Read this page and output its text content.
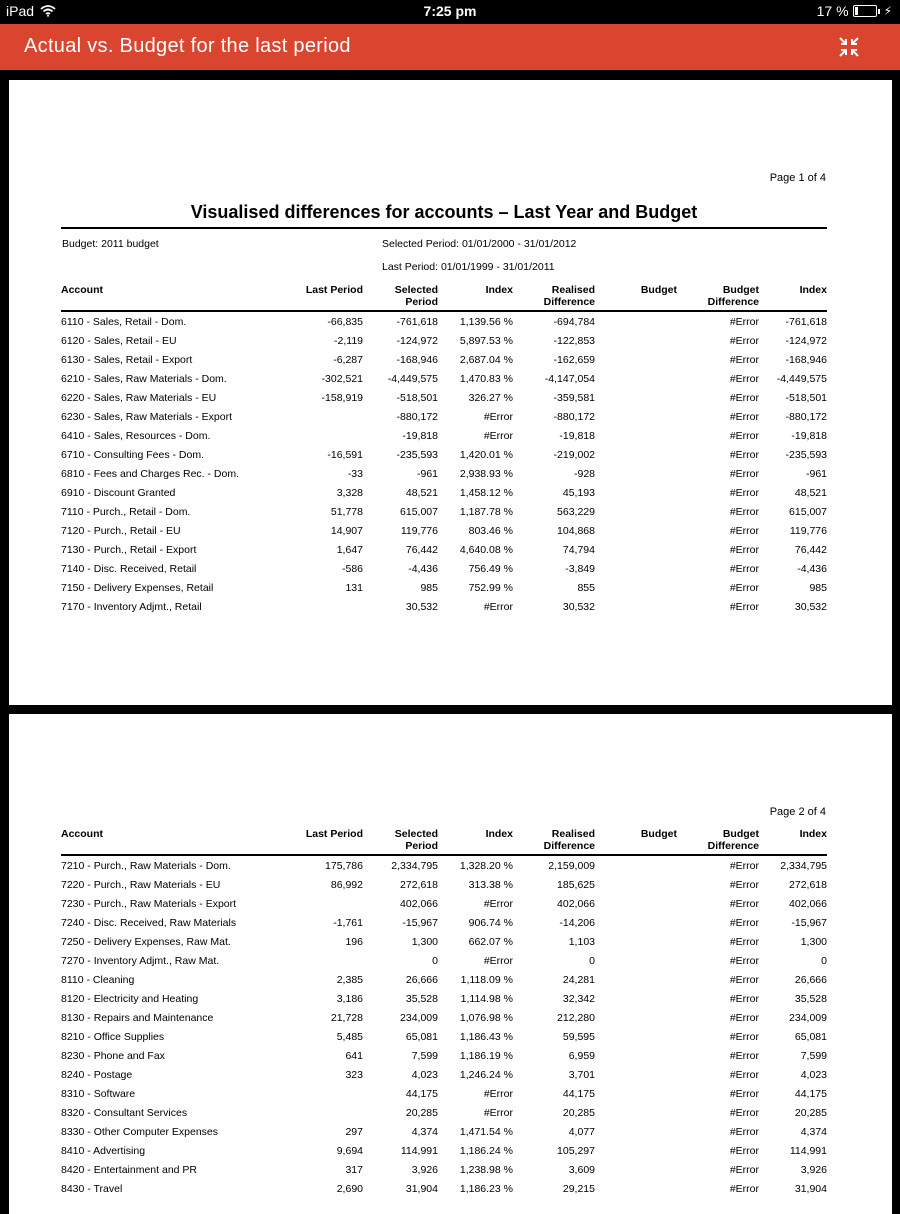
iPad	7:25 pm	17 %	⚡
Actual vs. Budget for the last period
Page 1 of 4
Visualised differences for accounts – Last Year and Budget
Budget: 2011 budget	Selected Period: 01/01/2000 - 31/01/2012
Last Period: 01/01/1999 - 31/01/2011
Account	Last Period	Selected Period	Index	Realised Difference	Budget	Budget Difference	Index
6110 - Sales, Retail - Dom.	-66,835	-761,618	1,139.56 %	-694,784		#Error	-761,618
6120 - Sales, Retail - EU	-2,119	-124,972	5,897.53 %	-122,853		#Error	-124,972
6130 - Sales, Retail - Export	-6,287	-168,946	2,687.04 %	-162,659		#Error	-168,946
6210 - Sales, Raw Materials - Dom.	-302,521	-4,449,575	1,470.83 %	-4,147,054		#Error	-4,449,575
6220 - Sales, Raw Materials - EU	-158,919	-518,501	326.27 %	-359,581		#Error	-518,501
6230 - Sales, Raw Materials - Export		-880,172	#Error	-880,172		#Error	-880,172
6410 - Sales, Resources - Dom.		-19,818	#Error	-19,818		#Error	-19,818
6710 - Consulting Fees - Dom.	-16,591	-235,593	1,420.01 %	-219,002		#Error	-235,593
6810 - Fees and Charges Rec. - Dom.	-33	-961	2,938.93 %	-928		#Error	-961
6910 - Discount Granted	3,328	48,521	1,458.12 %	45,193		#Error	48,521
7110 - Purch., Retail - Dom.	51,778	615,007	1,187.78 %	563,229		#Error	615,007
7120 - Purch., Retail - EU	14,907	119,776	803.46 %	104,868		#Error	119,776
7130 - Purch., Retail - Export	1,647	76,442	4,640.08 %	74,794		#Error	76,442
7140 - Disc. Received, Retail	-586	-4,436	756.49 %	-3,849		#Error	-4,436
7150 - Delivery Expenses, Retail	131	985	752.99 %	855		#Error	985
7170 - Inventory Adjmt., Retail		30,532	#Error	30,532		#Error	30,532
Page 2 of 4
Account	Last Period	Selected Period	Index	Realised Difference	Budget	Budget Difference	Index
7210 - Purch., Raw Materials - Dom.	175,786	2,334,795	1,328.20 %	2,159,009		#Error	2,334,795
7220 - Purch., Raw Materials - EU	86,992	272,618	313.38 %	185,625		#Error	272,618
7230 - Purch., Raw Materials - Export		402,066	#Error	402,066		#Error	402,066
7240 - Disc. Received, Raw Materials	-1,761	-15,967	906.74 %	-14,206		#Error	-15,967
7250 - Delivery Expenses, Raw Mat.	196	1,300	662.07 %	1,103		#Error	1,300
7270 - Inventory Adjmt., Raw Mat.		0	#Error	0		#Error	0
8110 - Cleaning	2,385	26,666	1,118.09 %	24,281		#Error	26,666
8120 - Electricity and Heating	3,186	35,528	1,114.98 %	32,342		#Error	35,528
8130 - Repairs and Maintenance	21,728	234,009	1,076.98 %	212,280		#Error	234,009
8210 - Office Supplies	5,485	65,081	1,186.43 %	59,595		#Error	65,081
8230 - Phone and Fax	641	7,599	1,186.19 %	6,959		#Error	7,599
8240 - Postage	323	4,023	1,246.24 %	3,701		#Error	4,023
8310 - Software		44,175	#Error	44,175		#Error	44,175
8320 - Consultant Services		20,285	#Error	20,285		#Error	20,285
8330 - Other Computer Expenses	297	4,374	1,471.54 %	4,077		#Error	4,374
8410 - Advertising	9,694	114,991	1,186.24 %	105,297		#Error	114,991
8420 - Entertainment and PR	317	3,926	1,238.98 %	3,609		#Error	3,926
8430 - Travel	2,690	31,904	1,186.23 %	29,215		#Error	31,904
